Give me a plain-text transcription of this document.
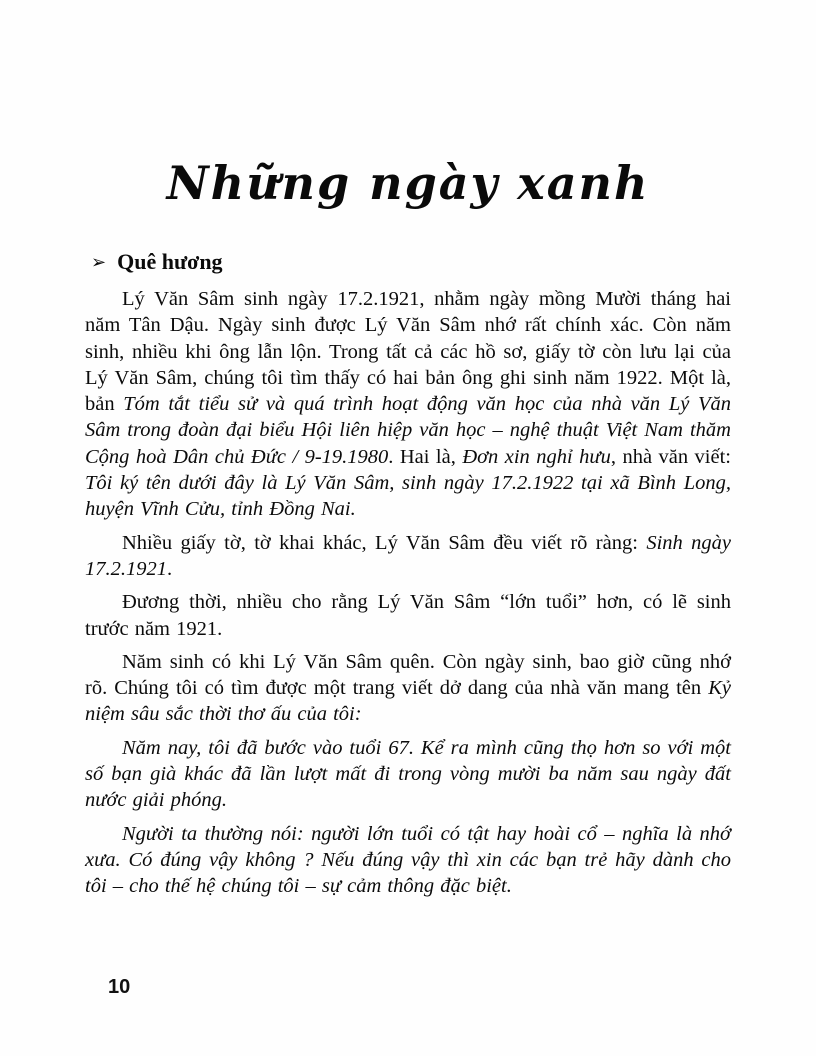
Những ngày xanh
➢ Quê hương

Lý Văn Sâm sinh ngày 17.2.1921, nhằm ngày mồng Mười tháng hai năm Tân Dậu. Ngày sinh được Lý Văn Sâm nhớ rất chính xác. Còn năm sinh, nhiều khi ông lẫn lộn. Trong tất cả các hồ sơ, giấy tờ còn lưu lại của Lý Văn Sâm, chúng tôi tìm thấy có hai bản ông ghi sinh năm 1922. Một là, bản Tóm tắt tiểu sử và quá trình hoạt động văn học của nhà văn Lý Văn Sâm trong đoàn đại biểu Hội liên hiệp văn học – nghệ thuật Việt Nam thăm Cộng hoà Dân chủ Đức / 9-19.1980. Hai là, Đơn xin nghỉ hưu, nhà văn viết: Tôi ký tên dưới đây là Lý Văn Sâm, sinh ngày 17.2.1922 tại xã Bình Long, huyện Vĩnh Cửu, tỉnh Đồng Nai.

Nhiều giấy tờ, tờ khai khác, Lý Văn Sâm đều viết rõ ràng: Sinh ngày 17.2.1921.

Đương thời, nhiều cho rằng Lý Văn Sâm “lớn tuổi” hơn, có lẽ sinh trước năm 1921.

Năm sinh có khi Lý Văn Sâm quên. Còn ngày sinh, bao giờ cũng nhớ rõ. Chúng tôi có tìm được một trang viết dở dang của nhà văn mang tên Kỷ niệm sâu sắc thời thơ ấu của tôi:

Năm nay, tôi đã bước vào tuổi 67. Kể ra mình cũng thọ hơn so với một số bạn già khác đã lần lượt mất đi trong vòng mười ba năm sau ngày đất nước giải phóng.

Người ta thường nói: người lớn tuổi có tật hay hoài cổ – nghĩa là nhớ xưa. Có đúng vậy không ? Nếu đúng vậy thì xin các bạn trẻ hãy dành cho tôi – cho thế hệ chúng tôi – sự cảm thông đặc biệt.

10
